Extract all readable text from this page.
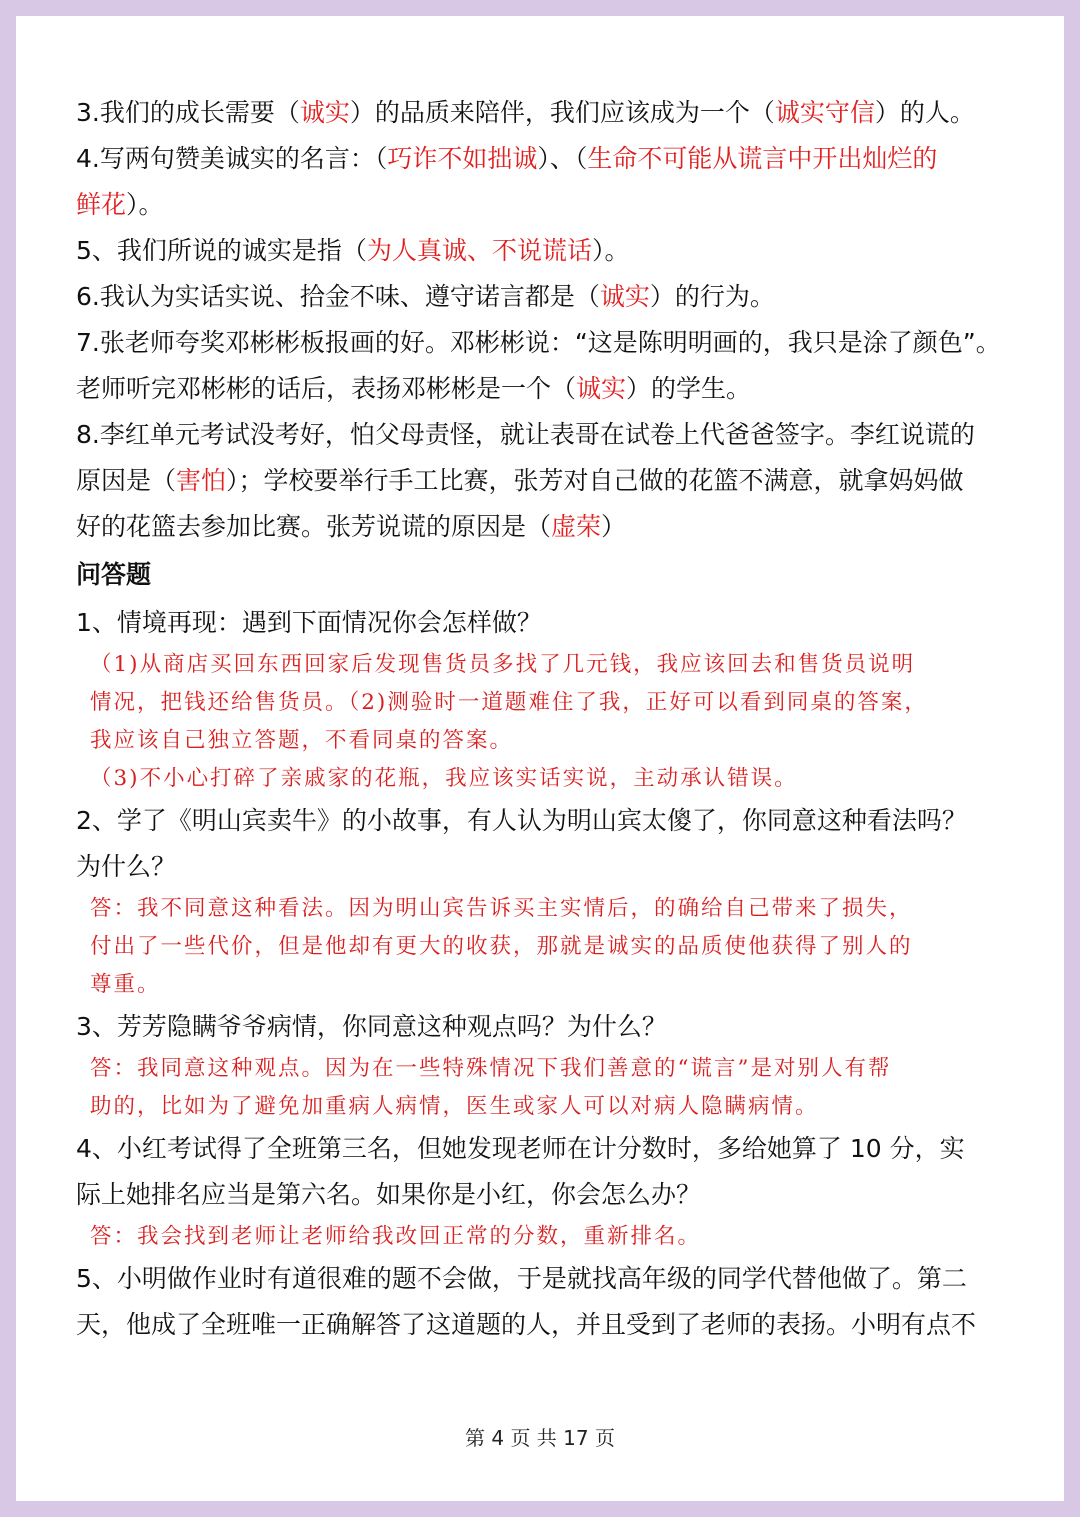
3.我们的成长需要（诚实）的品质来陪伴，我们应该成为一个（诚实守信）的人。
4.写两句赞美诚实的名言：（巧诈不如拙诚）、（生命不可能从谎言中开出灿烂的
鲜花）。
5、我们所说的诚实是指（为人真诚、不说谎话）。
6.我认为实话实说、拾金不味、遵守诺言都是（诚实）的行为。
7.张老师夸奖邓彬彬板报画的好。邓彬彬说：“这是陈明明画的，我只是涂了颜色”。
老师听完邓彬彬的话后，表扬邓彬彬是一个（诚实）的学生。
8.李红单元考试没考好，怕父母责怪，就让表哥在试卷上代爸爸签字。李红说谎的
原因是（害怕）；学校要举行手工比赛，张芳对自己做的花篮不满意，就拿妈妈做
好的花篮去参加比赛。张芳说谎的原因是（虚荣）
问答题
1、情境再现：遇到下面情况你会怎样做？
（1)从商店买回东西回家后发现售货员多找了几元钱，我应该回去和售货员说明
情况，把钱还给售货员。（2)测验时一道题难住了我，正好可以看到同桌的答案，
我应该自己独立答题，不看同桌的答案。
（3)不小心打碎了亲戚家的花瓶，我应该实话实说，主动承认错误。
2、学了《明山宾卖牛》的小故事，有人认为明山宾太傻了，你同意这种看法吗？
为什么？
答：我不同意这种看法。因为明山宾告诉买主实情后，的确给自己带来了损失，
付出了一些代价，但是他却有更大的收获，那就是诚实的品质使他获得了别人的
尊重。
3、芳芳隐瞒爷爷病情，你同意这种观点吗？为什么？
答：我同意这种观点。因为在一些特殊情况下我们善意的“谎言”是对别人有帮
助的，比如为了避免加重病人病情，医生或家人可以对病人隐瞒病情。
4、小红考试得了全班第三名，但她发现老师在计分数时，多给她算了 10 分，实
际上她排名应当是第六名。如果你是小红，你会怎么办？
答：我会找到老师让老师给我改回正常的分数，重新排名。
5、小明做作业时有道很难的题不会做，于是就找高年级的同学代替他做了。第二
天，他成了全班唯一正确解答了这道题的人，并且受到了老师的表扬。小明有点不
第 4 页 共 17 页
